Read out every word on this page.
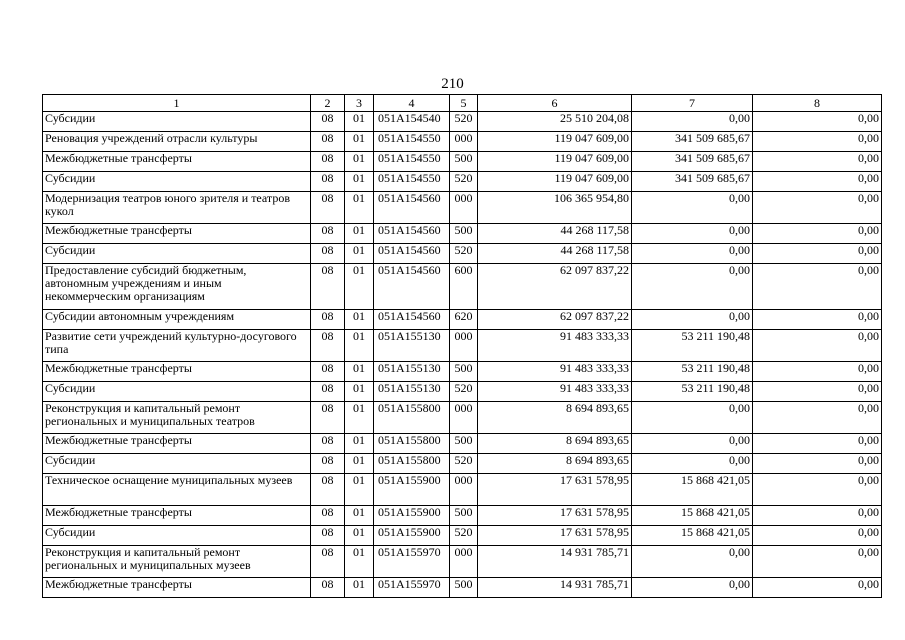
210
1	2	3	4	5	6	7	8
Субсидии	08	01	051A154540	520	25 510 204,08	0,00	0,00
Реновация учреждений отрасли культуры	08	01	051A154550	000	119 047 609,00	341 509 685,67	0,00
Межбюджетные трансферты	08	01	051A154550	500	119 047 609,00	341 509 685,67	0,00
Субсидии	08	01	051A154550	520	119 047 609,00	341 509 685,67	0,00
Модернизация театров юного зрителя и театров кукол	08	01	051A154560	000	106 365 954,80	0,00	0,00
Межбюджетные трансферты	08	01	051A154560	500	44 268 117,58	0,00	0,00
Субсидии	08	01	051A154560	520	44 268 117,58	0,00	0,00
Предоставление субсидий бюджетным, автономным учреждениям и иным некоммерческим организациям	08	01	051A154560	600	62 097 837,22	0,00	0,00
Субсидии автономным учреждениям	08	01	051A154560	620	62 097 837,22	0,00	0,00
Развитие сети учреждений культурно-досугового типа	08	01	051A155130	000	91 483 333,33	53 211 190,48	0,00
Межбюджетные трансферты	08	01	051A155130	500	91 483 333,33	53 211 190,48	0,00
Субсидии	08	01	051A155130	520	91 483 333,33	53 211 190,48	0,00
Реконструкция и капитальный ремонт региональных и муниципальных театров	08	01	051A155800	000	8 694 893,65	0,00	0,00
Межбюджетные трансферты	08	01	051A155800	500	8 694 893,65	0,00	0,00
Субсидии	08	01	051A155800	520	8 694 893,65	0,00	0,00
Техническое оснащение муниципальных музеев	08	01	051A155900	000	17 631 578,95	15 868 421,05	0,00
Межбюджетные трансферты	08	01	051A155900	500	17 631 578,95	15 868 421,05	0,00
Субсидии	08	01	051A155900	520	17 631 578,95	15 868 421,05	0,00
Реконструкция и капитальный ремонт региональных и муниципальных музеев	08	01	051A155970	000	14 931 785,71	0,00	0,00
Межбюджетные трансферты	08	01	051A155970	500	14 931 785,71	0,00	0,00
